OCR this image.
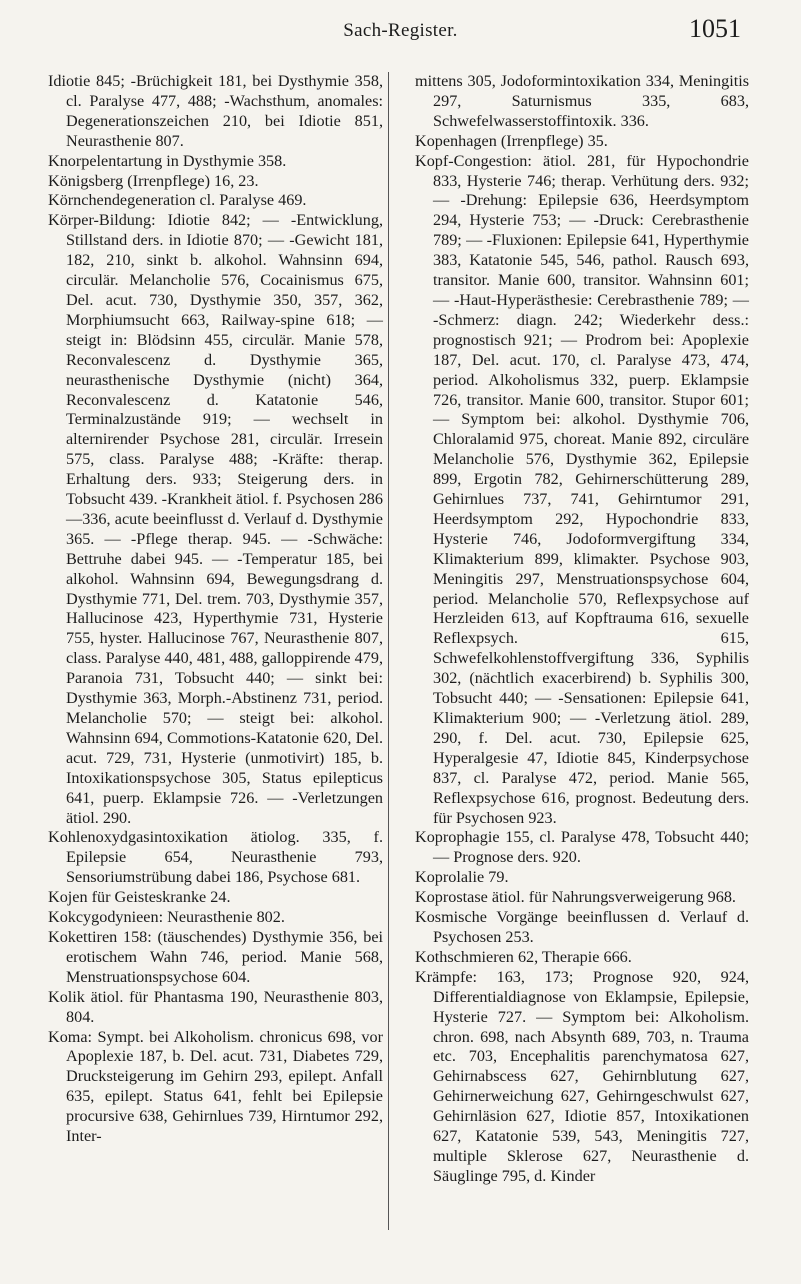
Sach-Register.	1051

Idiotie 845; -Brüchigkeit 181, bei Dysthymie 358, cl. Paralyse 477, 488; -Wachsthum, anomales: Degenerationszeichen 210, bei Idiotie 851, Neurasthenie 807.

Knorpelentartung in Dysthymie 358.

Königsberg (Irrenpflege) 16, 23.

Körnchendegeneration cl. Paralyse 469.

Körper-Bildung: Idiotie 842; — -Entwicklung, Stillstand ders. in Idiotie 870; — -Gewicht 181, 182, 210, sinkt b. alkohol. Wahnsinn 694, circulär. Melancholie 576, Cocainismus 675, Del. acut. 730, Dysthymie 350, 357, 362, Morphiumsucht 663, Railway-spine 618; — steigt in: Blödsinn 455, circulär. Manie 578, Reconvalescenz d. Dysthymie 365, neurasthenische Dysthymie (nicht) 364, Reconvalescenz d. Katatonie 546, Terminalzustände 919; — wechselt in alternirender Psychose 281, circulär. Irresein 575, class. Paralyse 488; -Kräfte: therap. Erhaltung ders. 933; Steigerung ders. in Tobsucht 439. -Krankheit ätiol. f. Psychosen 286—336, acute beeinflusst d. Verlauf d. Dysthymie 365. — -Pflege therap. 945. — -Schwäche: Bettruhe dabei 945. — -Temperatur 185, bei alkohol. Wahnsinn 694, Bewegungsdrang d. Dysthymie 771, Del. trem. 703, Dysthymie 357, Hallucinose 423, Hyperthymie 731, Hysterie 755, hyster. Hallucinose 767, Neurasthenie 807, class. Paralyse 440, 481, 488, galloppirende 479, Paranoia 731, Tobsucht 440; — sinkt bei: Dysthymie 363, Morph.-Abstinenz 731, period. Melancholie 570; — steigt bei: alkohol. Wahnsinn 694, Commotions-Katatonie 620, Del. acut. 729, 731, Hysterie (unmotivirt) 185, b. Intoxikationspsychose 305, Status epilepticus 641, puerp. Eklampsie 726. — -Verletzungen ätiol. 290.

Kohlenoxydgasintoxikation ätiolog. 335, f. Epilepsie 654, Neurasthenie 793, Sensoriumstrübung dabei 186, Psychose 681.

Kojen für Geisteskranke 24.

Kokcygodynieen: Neurasthenie 802.

Kokettiren 158: (täuschendes) Dysthymie 356, bei erotischem Wahn 746, period. Manie 568, Menstruationspsychose 604.

Kolik ätiol. für Phantasma 190, Neurasthenie 803, 804.

Koma: Sympt. bei Alkoholism. chronicus 698, vor Apoplexie 187, b. Del. acut. 731, Diabetes 729, Drucksteigerung im Gehirn 293, epilept. Anfall 635, epilept. Status 641, fehlt bei Epilepsie procursive 638, Gehirnlues 739, Hirntumor 292, Inter-

mittens 305, Jodoformintoxikation 334, Meningitis 297, Saturnismus 335, 683, Schwefelwasserstoffintoxik. 336.

Kopenhagen (Irrenpflege) 35.

Kopf-Congestion: ätiol. 281, für Hypochondrie 833, Hysterie 746; therap. Verhütung ders. 932; — -Drehung: Epilepsie 636, Heerdsymptom 294, Hysterie 753; — -Druck: Cerebrasthenie 789; — -Fluxionen: Epilepsie 641, Hyperthymie 383, Katatonie 545, 546, pathol. Rausch 693, transitor. Manie 600, transitor. Wahnsinn 601; — -Haut-Hyperästhesie: Cerebrasthenie 789; — -Schmerz: diagn. 242; Wiederkehr dess.: prognostisch 921; — Prodrom bei: Apoplexie 187, Del. acut. 170, cl. Paralyse 473, 474, period. Alkoholismus 332, puerp. Eklampsie 726, transitor. Manie 600, transitor. Stupor 601; — Symptom bei: alkohol. Dysthymie 706, Chloralamid 975, choreat. Manie 892, circuläre Melancholie 576, Dysthymie 362, Epilepsie 899, Ergotin 782, Gehirnerschütterung 289, Gehirnlues 737, 741, Gehirntumor 291, Heerdsymptom 292, Hypochondrie 833, Hysterie 746, Jodoformvergiftung 334, Klimakterium 899, klimakter. Psychose 903, Meningitis 297, Menstruationspsychose 604, period. Melancholie 570, Reflexpsychose auf Herzleiden 613, auf Kopftrauma 616, sexuelle Reflexpsych. 615, Schwefelkohlenstoffvergiftung 336, Syphilis 302, (nächtlich exacerbirend) b. Syphilis 300, Tobsucht 440; — -Sensationen: Epilepsie 641, Klimakterium 900; — -Verletzung ätiol. 289, 290, f. Del. acut. 730, Epilepsie 625, Hyperalgesie 47, Idiotie 845, Kinderpsychose 837, cl. Paralyse 472, period. Manie 565, Reflexpsychose 616, prognost. Bedeutung ders. für Psychosen 923.

Koprophagie 155, cl. Paralyse 478, Tobsucht 440; — Prognose ders. 920.

Koprolalie 79.

Koprostase ätiol. für Nahrungsverweigerung 968.

Kosmische Vorgänge beeinflussen d. Verlauf d. Psychosen 253.

Kothschmieren 62, Therapie 666.

Krämpfe: 163, 173; Prognose 920, 924, Differentialdiagnose von Eklampsie, Epilepsie, Hysterie 727. — Symptom bei: Alkoholism. chron. 698, nach Absynth 689, 703, n. Trauma etc. 703, Encephalitis parenchymatosa 627, Gehirnabscess 627, Gehirnblutung 627, Gehirnerweichung 627, Gehirngeschwulst 627, Gehirnläsion 627, Idiotie 857, Intoxikationen 627, Katatonie 539, 543, Meningitis 727, multiple Sklerose 627, Neurasthenie d. Säuglinge 795, d. Kinder
